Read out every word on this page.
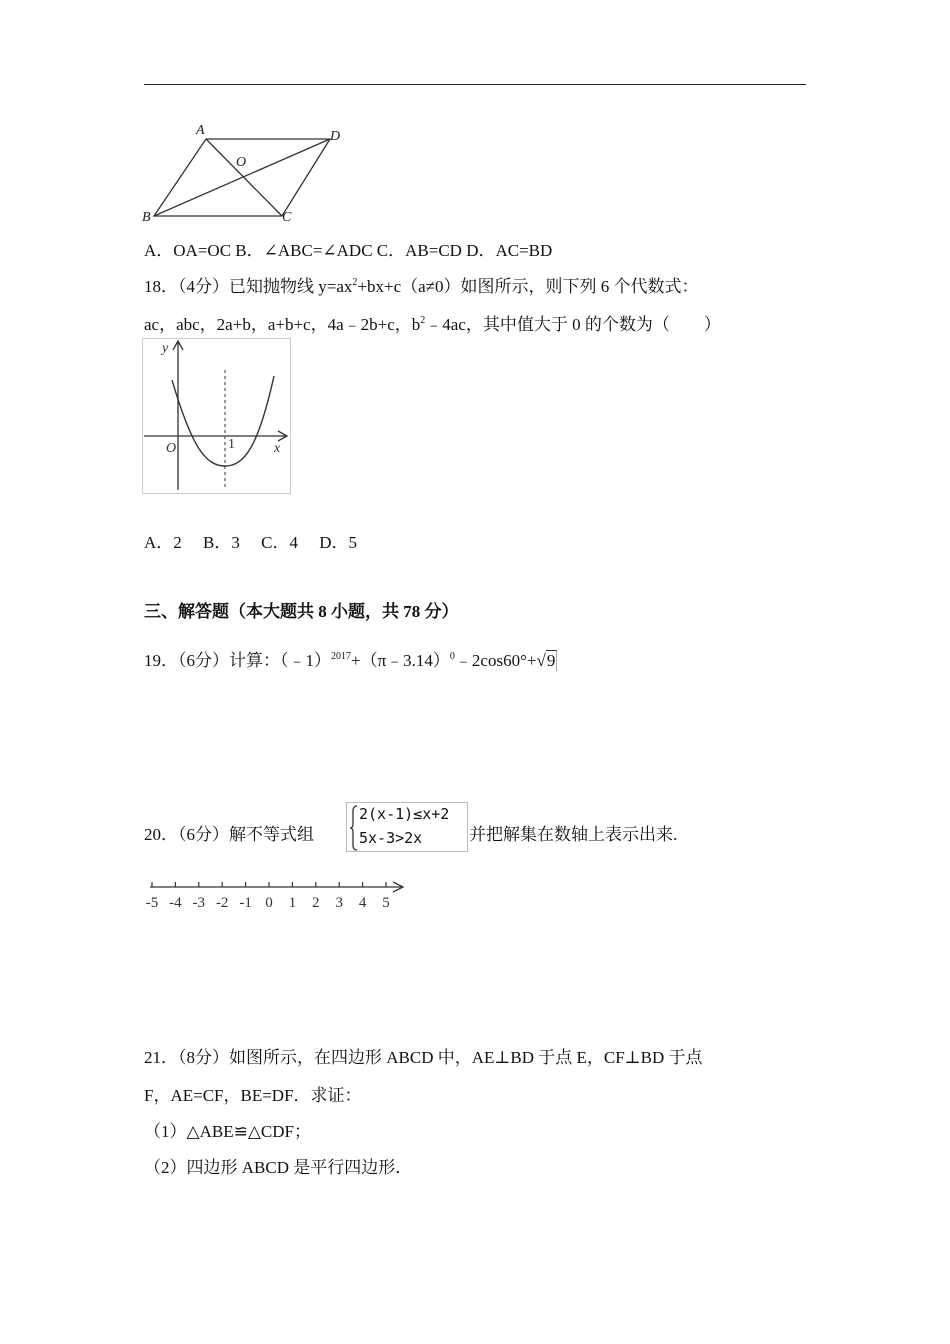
A	D
O
B	C
A．OA=OC B．∠ABC=∠ADC C．AB=CD D．AC=BD
18．（4分）已知抛物线 $y=ax^2+bx+c(a\ne 0)$如图所示，则下列 6 个代数式：
ac，abc，2a+b，a+b+c，4a﹣2b+c，$b^2﹣4ac$，其中值大于 0 的个数为（　　）
y
x
O	1
A．2　 B．3　 C．4　 D．5
三、解答题（本大题共 8 小题，共 78 分）
19．（6分）计算：（﹣1）$^{2017}$+（π﹣3.14）$^0$﹣2cos60°+√9
20．（6分）解不等式组
2(x-1)≤x+2
5x-3>2x	并把解集在数轴上表示出来.
-5 -4 -3 -2 -1 0 1 2 3 4 5
21．（8分）如图所示，在四边形 ABCD 中，AE⊥BD 于点 E，CF⊥BD 于点
F，AE=CF，BE=DF．求证：
（1）△ABE≌△CDF；
（2）四边形 ABCD 是平行四边形．
